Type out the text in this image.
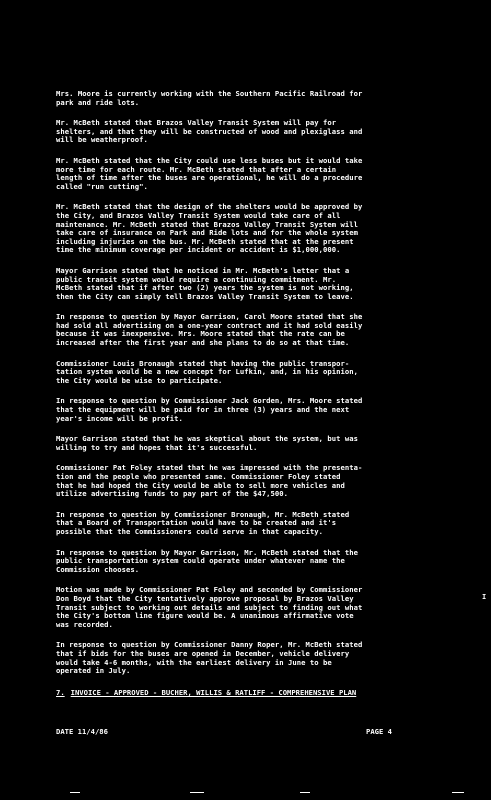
Mrs. Moore is currently working with the Southern Pacific Railroad for
park and ride lots.

Mr. McBeth stated that Brazos Valley Transit System will pay for
shelters, and that they will be constructed of wood and plexiglass and
will be weatherproof.

Mr. McBeth stated that the City could use less buses but it would take
more time for each route. Mr. McBeth stated that after a certain
length of time after the buses are operational, he will do a procedure
called "run cutting".

Mr. McBeth stated that the design of the shelters would be approved by
the City, and Brazos Valley Transit System would take care of all
maintenance. Mr. McBeth stated that Brazos Valley Transit System will
take care of insurance on Park and Ride lots and for the whole system
including injuries on the bus. Mr. McBeth stated that at the present
time the minimum coverage per incident or accident is $1,000,000.

Mayor Garrison stated that he noticed in Mr. McBeth's letter that a
public transit system would require a continuing commitment. Mr.
McBeth stated that if after two (2) years the system is not working,
then the City can simply tell Brazos Valley Transit System to leave.

In response to question by Mayor Garrison, Carol Moore stated that she
had sold all advertising on a one-year contract and it had sold easily
because it was inexpensive. Mrs. Moore stated that the rate can be
increased after the first year and she plans to do so at that time.

Commissioner Louis Bronaugh stated that having the public transpor-
tation system would be a new concept for Lufkin, and, in his opinion,
the City would be wise to participate.

In response to question by Commissioner Jack Gorden, Mrs. Moore stated
that the equipment will be paid for in three (3) years and the next
year's income will be profit.

Mayor Garrison stated that he was skeptical about the system, but was
willing to try and hopes that it's successful.

Commissioner Pat Foley stated that he was impressed with the presenta-
tion and the people who presented same. Commissioner Foley stated
that he had hoped the City would be able to sell more vehicles and
utilize advertising funds to pay part of the $47,500.

In response to question by Commissioner Bronaugh, Mr. McBeth stated
that a Board of Transportation would have to be created and it's
possible that the Commissioners could serve in that capacity.

In response to question by Mayor Garrison, Mr. McBeth stated that the
public transportation system could operate under whatever name the
Commission chooses.

Motion was made by Commissioner Pat Foley and seconded by Commissioner
Don Boyd that the City tentatively approve proposal by Brazos Valley
Transit subject to working out details and subject to finding out what
the City's bottom line figure would be. A unanimous affirmative vote
was recorded.

In response to question by Commissioner Danny Roper, Mr. McBeth stated
that if bids for the buses are opened in December, vehicle delivery
would take 4-6 months, with the earliest delivery in June to be
operated in July.

7. INVOICE - APPROVED - BUCHER, WILLIS & RATLIFF - COMPREHENSIVE PLAN
DATE 11/4/86	PAGE 4
I
